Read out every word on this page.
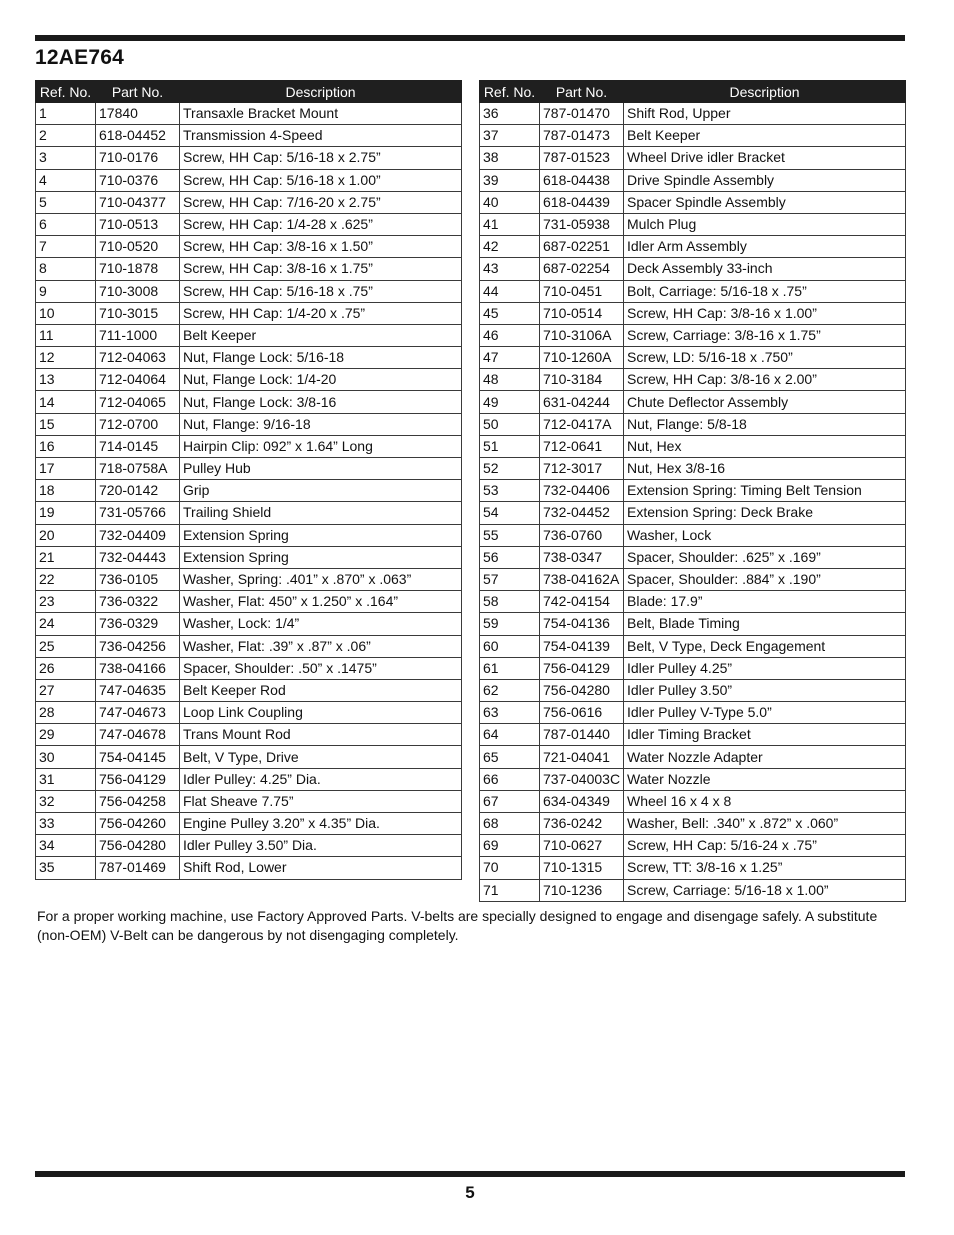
12AE764
Ref. No.	Part No.	Description
1	17840	Transaxle Bracket Mount
2	618-04452	Transmission 4-Speed
3	710-0176	Screw, HH Cap: 5/16-18 x 2.75”
4	710-0376	Screw, HH Cap: 5/16-18 x 1.00”
5	710-04377	Screw, HH Cap: 7/16-20 x 2.75”
6	710-0513	Screw, HH Cap: 1/4-28 x .625”
7	710-0520	Screw, HH Cap: 3/8-16 x 1.50”
8	710-1878	Screw, HH Cap: 3/8-16 x 1.75”
9	710-3008	Screw, HH Cap: 5/16-18 x .75”
10	710-3015	Screw, HH Cap: 1/4-20 x .75”
11	711-1000	Belt Keeper
12	712-04063	Nut, Flange Lock: 5/16-18
13	712-04064	Nut, Flange Lock: 1/4-20
14	712-04065	Nut, Flange Lock: 3/8-16
15	712-0700	Nut, Flange: 9/16-18
16	714-0145	Hairpin Clip: 092” x 1.64” Long
17	718-0758A	Pulley Hub
18	720-0142	Grip
19	731-05766	Trailing Shield
20	732-04409	Extension Spring
21	732-04443	Extension Spring
22	736-0105	Washer, Spring: .401” x .870” x .063”
23	736-0322	Washer, Flat: 450” x 1.250” x .164”
24	736-0329	Washer, Lock: 1/4”
25	736-04256	Washer, Flat: .39” x .87” x .06”
26	738-04166	Spacer, Shoulder: .50” x .1475”
27	747-04635	Belt Keeper Rod
28	747-04673	Loop Link Coupling
29	747-04678	Trans Mount Rod
30	754-04145	Belt, V Type, Drive
31	756-04129	Idler Pulley: 4.25” Dia.
32	756-04258	Flat Sheave 7.75”
33	756-04260	Engine Pulley 3.20” x 4.35” Dia.
34	756-04280	Idler Pulley 3.50” Dia.
35	787-01469	Shift Rod, Lower
Ref. No.	Part No.	Description
36	787-01470	Shift Rod, Upper
37	787-01473	Belt Keeper
38	787-01523	Wheel Drive idler Bracket
39	618-04438	Drive Spindle Assembly
40	618-04439	Spacer Spindle Assembly
41	731-05938	Mulch Plug
42	687-02251	Idler Arm Assembly
43	687-02254	Deck Assembly 33-inch
44	710-0451	Bolt, Carriage: 5/16-18 x .75”
45	710-0514	Screw, HH Cap: 3/8-16 x 1.00”
46	710-3106A	Screw, Carriage: 3/8-16 x 1.75”
47	710-1260A	Screw, LD: 5/16-18 x .750”
48	710-3184	Screw, HH Cap: 3/8-16 x 2.00”
49	631-04244	Chute Deflector Assembly
50	712-0417A	Nut, Flange: 5/8-18
51	712-0641	Nut, Hex
52	712-3017	Nut, Hex 3/8-16
53	732-04406	Extension Spring: Timing Belt Tension
54	732-04452	Extension Spring: Deck Brake
55	736-0760	Washer, Lock
56	738-0347	Spacer, Shoulder: .625” x .169”
57	738-04162A	Spacer, Shoulder: .884” x .190”
58	742-04154	Blade: 17.9”
59	754-04136	Belt, Blade Timing
60	754-04139	Belt, V Type, Deck Engagement
61	756-04129	Idler Pulley 4.25”
62	756-04280	Idler Pulley 3.50”
63	756-0616	Idler Pulley V-Type 5.0”
64	787-01440	Idler Timing Bracket
65	721-04041	Water Nozzle Adapter
66	737-04003C	Water Nozzle
67	634-04349	Wheel 16 x 4 x 8
68	736-0242	Washer, Bell: .340” x .872” x .060”
69	710-0627	Screw, HH Cap: 5/16-24 x .75”
70	710-1315	Screw, TT: 3/8-16 x 1.25”
71	710-1236	Screw, Carriage: 5/16-18 x 1.00”
For a proper working machine, use Factory Approved Parts. V-belts are specially designed to engage and disengage safely. A substitute (non-OEM) V-Belt can be dangerous by not disengaging completely.
5
